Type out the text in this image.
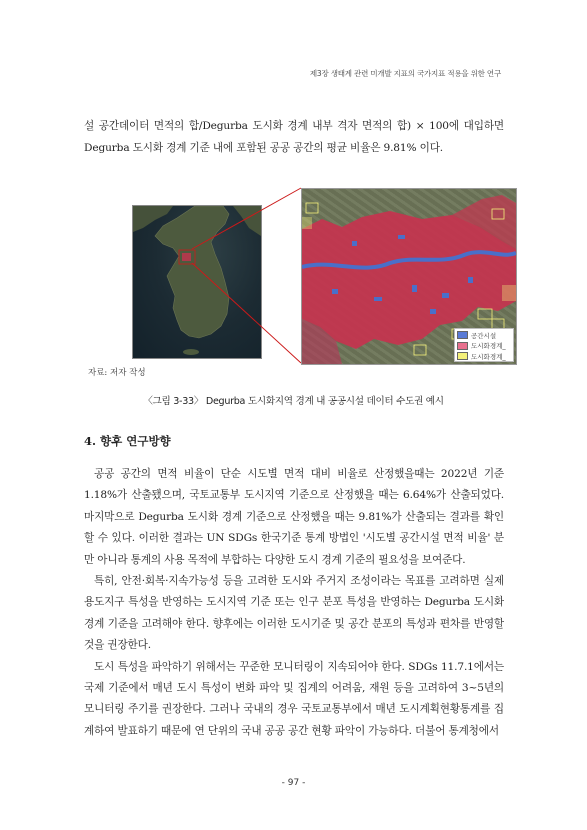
제3장 생태계 관련 미개발 지표의 국가지표 적용을 위한 연구

설 공간데이터 면적의 합/Degurba 도시화 경계 내부 격자 면적의 합) × 100에 대입하면 Degurba 도시화 경계 기준 내에 포함된 공공 공간의 평균 비율은 9.81% 이다.

공간시설
도시화경계_
도시화경계_
자료: 저자 작성
〈그림 3-33〉 Degurba 도시화지역 경계 내 공공시설 데이터 수도권 예시
4. 향후 연구방향

공공 공간의 면적 비율이 단순 시도별 면적 대비 비율로 산정했을때는 2022년 기준 1.18%가 산출됐으며, 국토교통부 도시지역 기준으로 산정했을 때는 6.64%가 산출되었다. 마지막으로 Degurba 도시화 경계 기준으로 산정했을 때는 9.81%가 산출되는 결과를 확인할 수 있다. 이러한 결과는 UN SDGs 한국기준 통계 방법인 '시도별 공간시설 면적 비율' 분만 아니라 통계의 사용 목적에 부합하는 다양한 도시 경계 기준의 필요성을 보여준다.

특히, 안전·회복·지속가능성 등을 고려한 도시와 주거지 조성이라는 목표를 고려하면 실제 용도지구 특성을 반영하는 도시지역 기준 또는 인구 분포 특성을 반영하는 Degurba 도시화 경계 기준을 고려해야 한다. 향후에는 이러한 도시기준 및 공간 분포의 특성과 편차를 반영할 것을 권장한다.

도시 특성을 파악하기 위해서는 꾸준한 모니터링이 지속되어야 한다. SDGs 11.7.1에서는 국제 기준에서 매년 도시 특성이 변화 파악 및 집계의 어려움, 재원 등을 고려하여 3~5년의 모니터링 주기를 권장한다. 그러나 국내의 경우 국토교통부에서 매년 도시계획현황통계를 집계하여 발표하기 때문에 연 단위의 국내 공공 공간 현황 파악이 가능하다. 더불어 통계청에서

- 97 -
